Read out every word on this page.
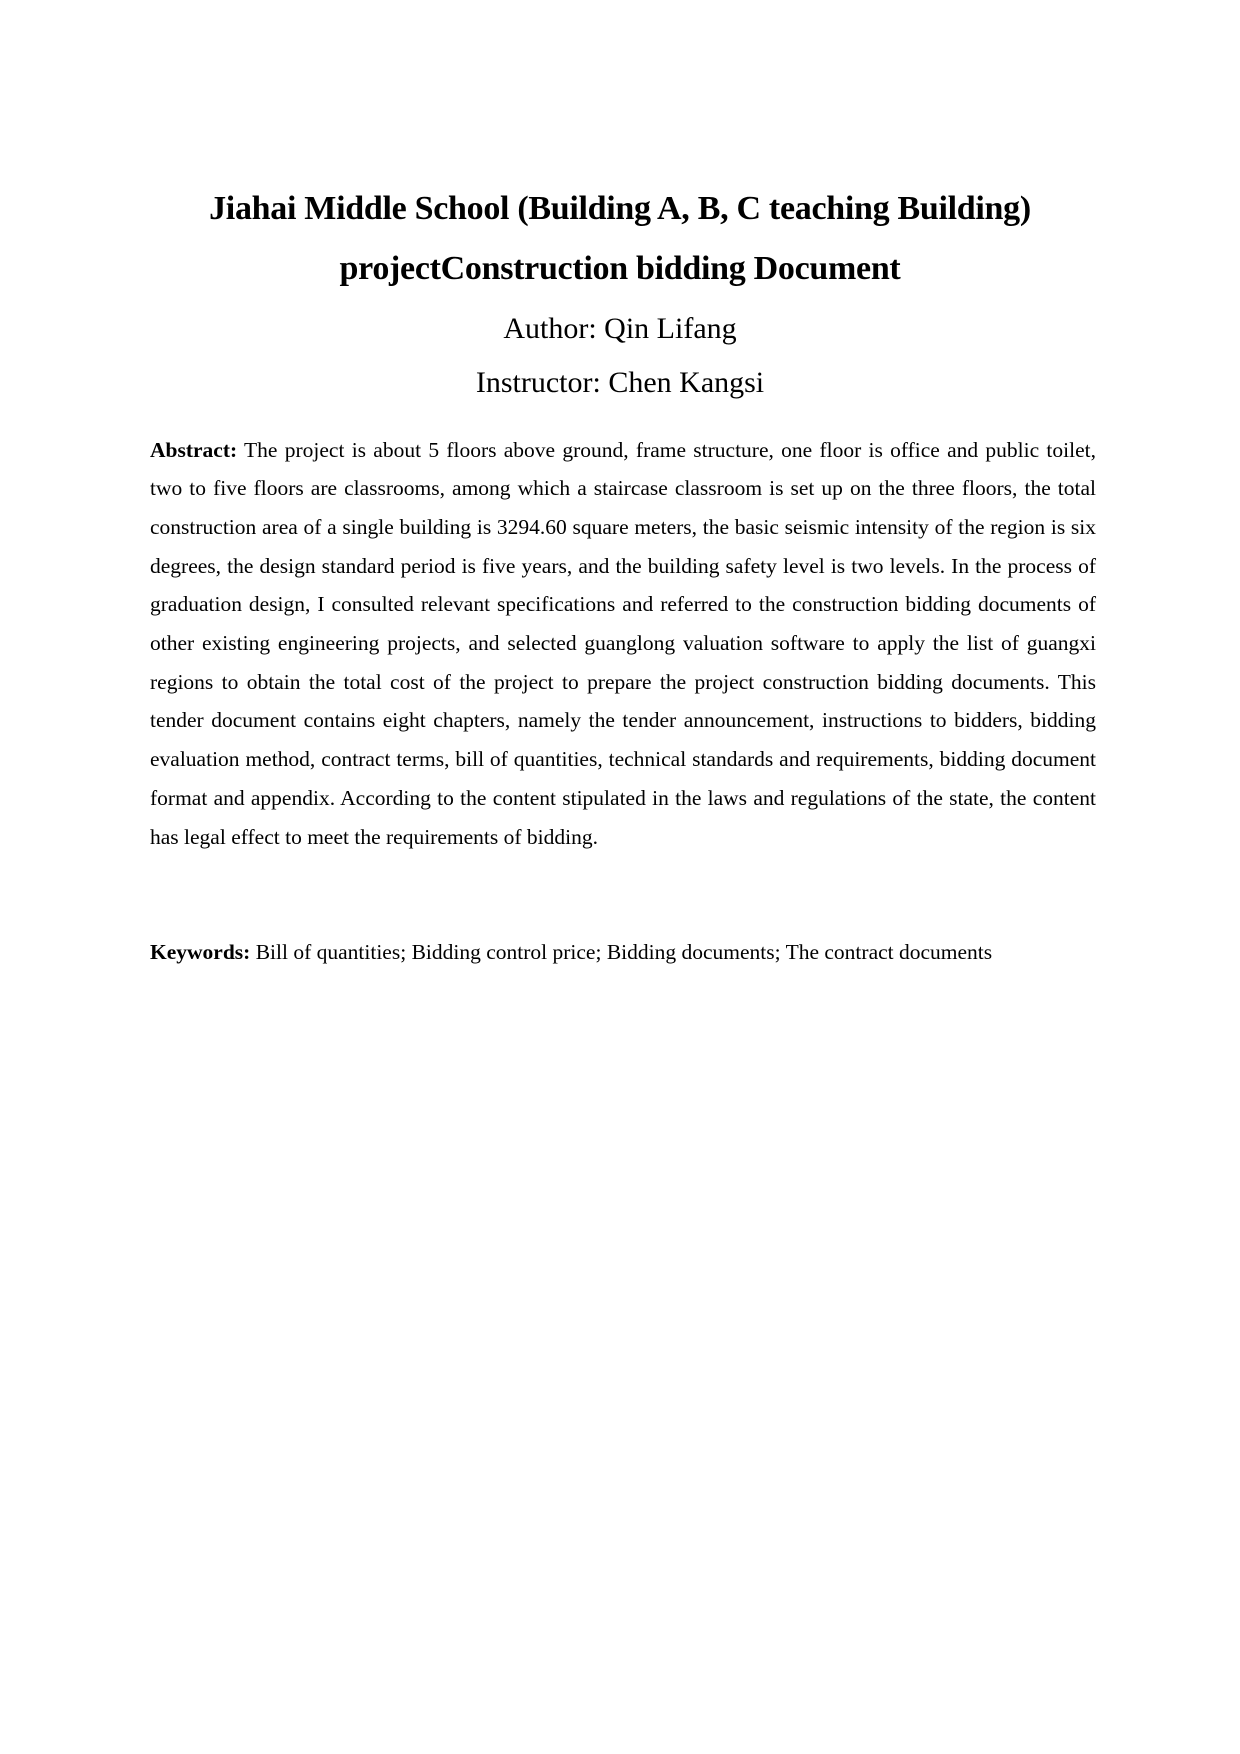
Jiahai Middle School (Building A, B, C teaching Building)
projectConstruction bidding Document
Author: Qin Lifang
Instructor: Chen Kangsi

Abstract: The project is about 5 floors above ground, frame structure, one floor is office and public toilet, two to five floors are classrooms, among which a staircase classroom is set up on the three floors, the total construction area of a single building is 3294.60 square meters, the basic seismic intensity of the region is six degrees, the design standard period is five years, and the building safety level is two levels. In the process of graduation design, I consulted relevant specifications and referred to the construction bidding documents of other existing engineering projects, and selected guanglong valuation software to apply the list of guangxi regions to obtain the total cost of the project to prepare the project construction bidding documents. This tender document contains eight chapters, namely the tender announcement, instructions to bidders, bidding evaluation method, contract terms, bill of quantities, technical standards and requirements, bidding document format and appendix. According to the content stipulated in the laws and regulations of the state, the content has legal effect to meet the requirements of bidding.

Keywords: Bill of quantities; Bidding control price; Bidding documents; The contract documents
